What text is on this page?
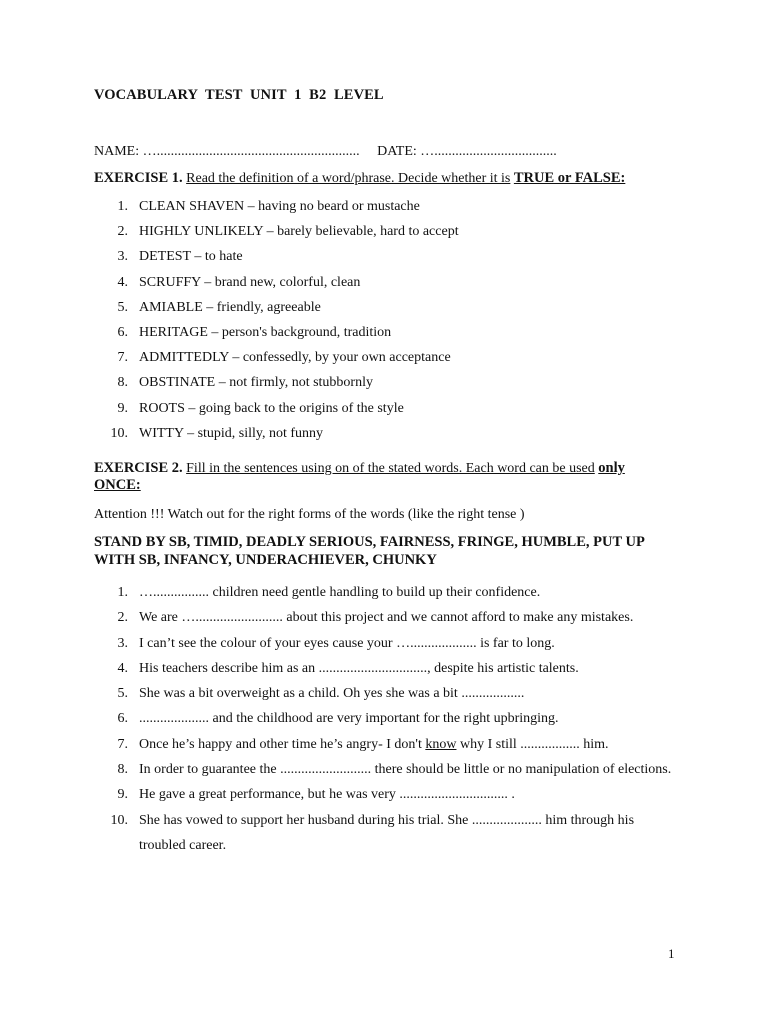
VOCABULARY TEST UNIT 1 B2 LEVEL
NAME: ….......................................................... DATE: …...................................
EXERCISE 1. Read the definition of a word/phrase. Decide whether it is TRUE or FALSE:
1. CLEAN SHAVEN – having no beard or mustache
2. HIGHLY UNLIKELY – barely believable, hard to accept
3. DETEST – to hate
4. SCRUFFY – brand new, colorful, clean
5. AMIABLE – friendly, agreeable
6. HERITAGE – person's background, tradition
7. ADMITTEDLY – confessedly, by your own acceptance
8. OBSTINATE – not firmly, not stubbornly
9. ROOTS – going back to the origins of the style
10. WITTY – stupid, silly, not funny
EXERCISE 2. Fill in the sentences using on of the stated words. Each word can be used only ONCE:
Attention !!! Watch out for the right forms of the words (like the right tense )
STAND BY SB, TIMID, DEADLY SERIOUS, FAIRNESS, FRINGE, HUMBLE, PUT UP WITH SB, INFANCY, UNDERACHIEVER, CHUNKY
1. …................ children need gentle handling to build up their confidence.
2. We are …......................... about this project and we cannot afford to make any mistakes.
3. I can’t see the colour of your eyes cause your …................... is far to long.
4. His teachers describe him as an ..............................., despite his artistic talents.
5. She was a bit overweight as a child. Oh yes she was a bit ..................
6. .................... and the childhood are very important for the right upbringing.
7. Once he’s happy and other time he’s angry- I don't know why I still ................. him.
8. In order to guarantee the .......................... there should be little or no manipulation of elections.
9. He gave a great performance, but he was very ............................... .
10. She has vowed to support her husband during his trial. She .................... him through his troubled career.
1
